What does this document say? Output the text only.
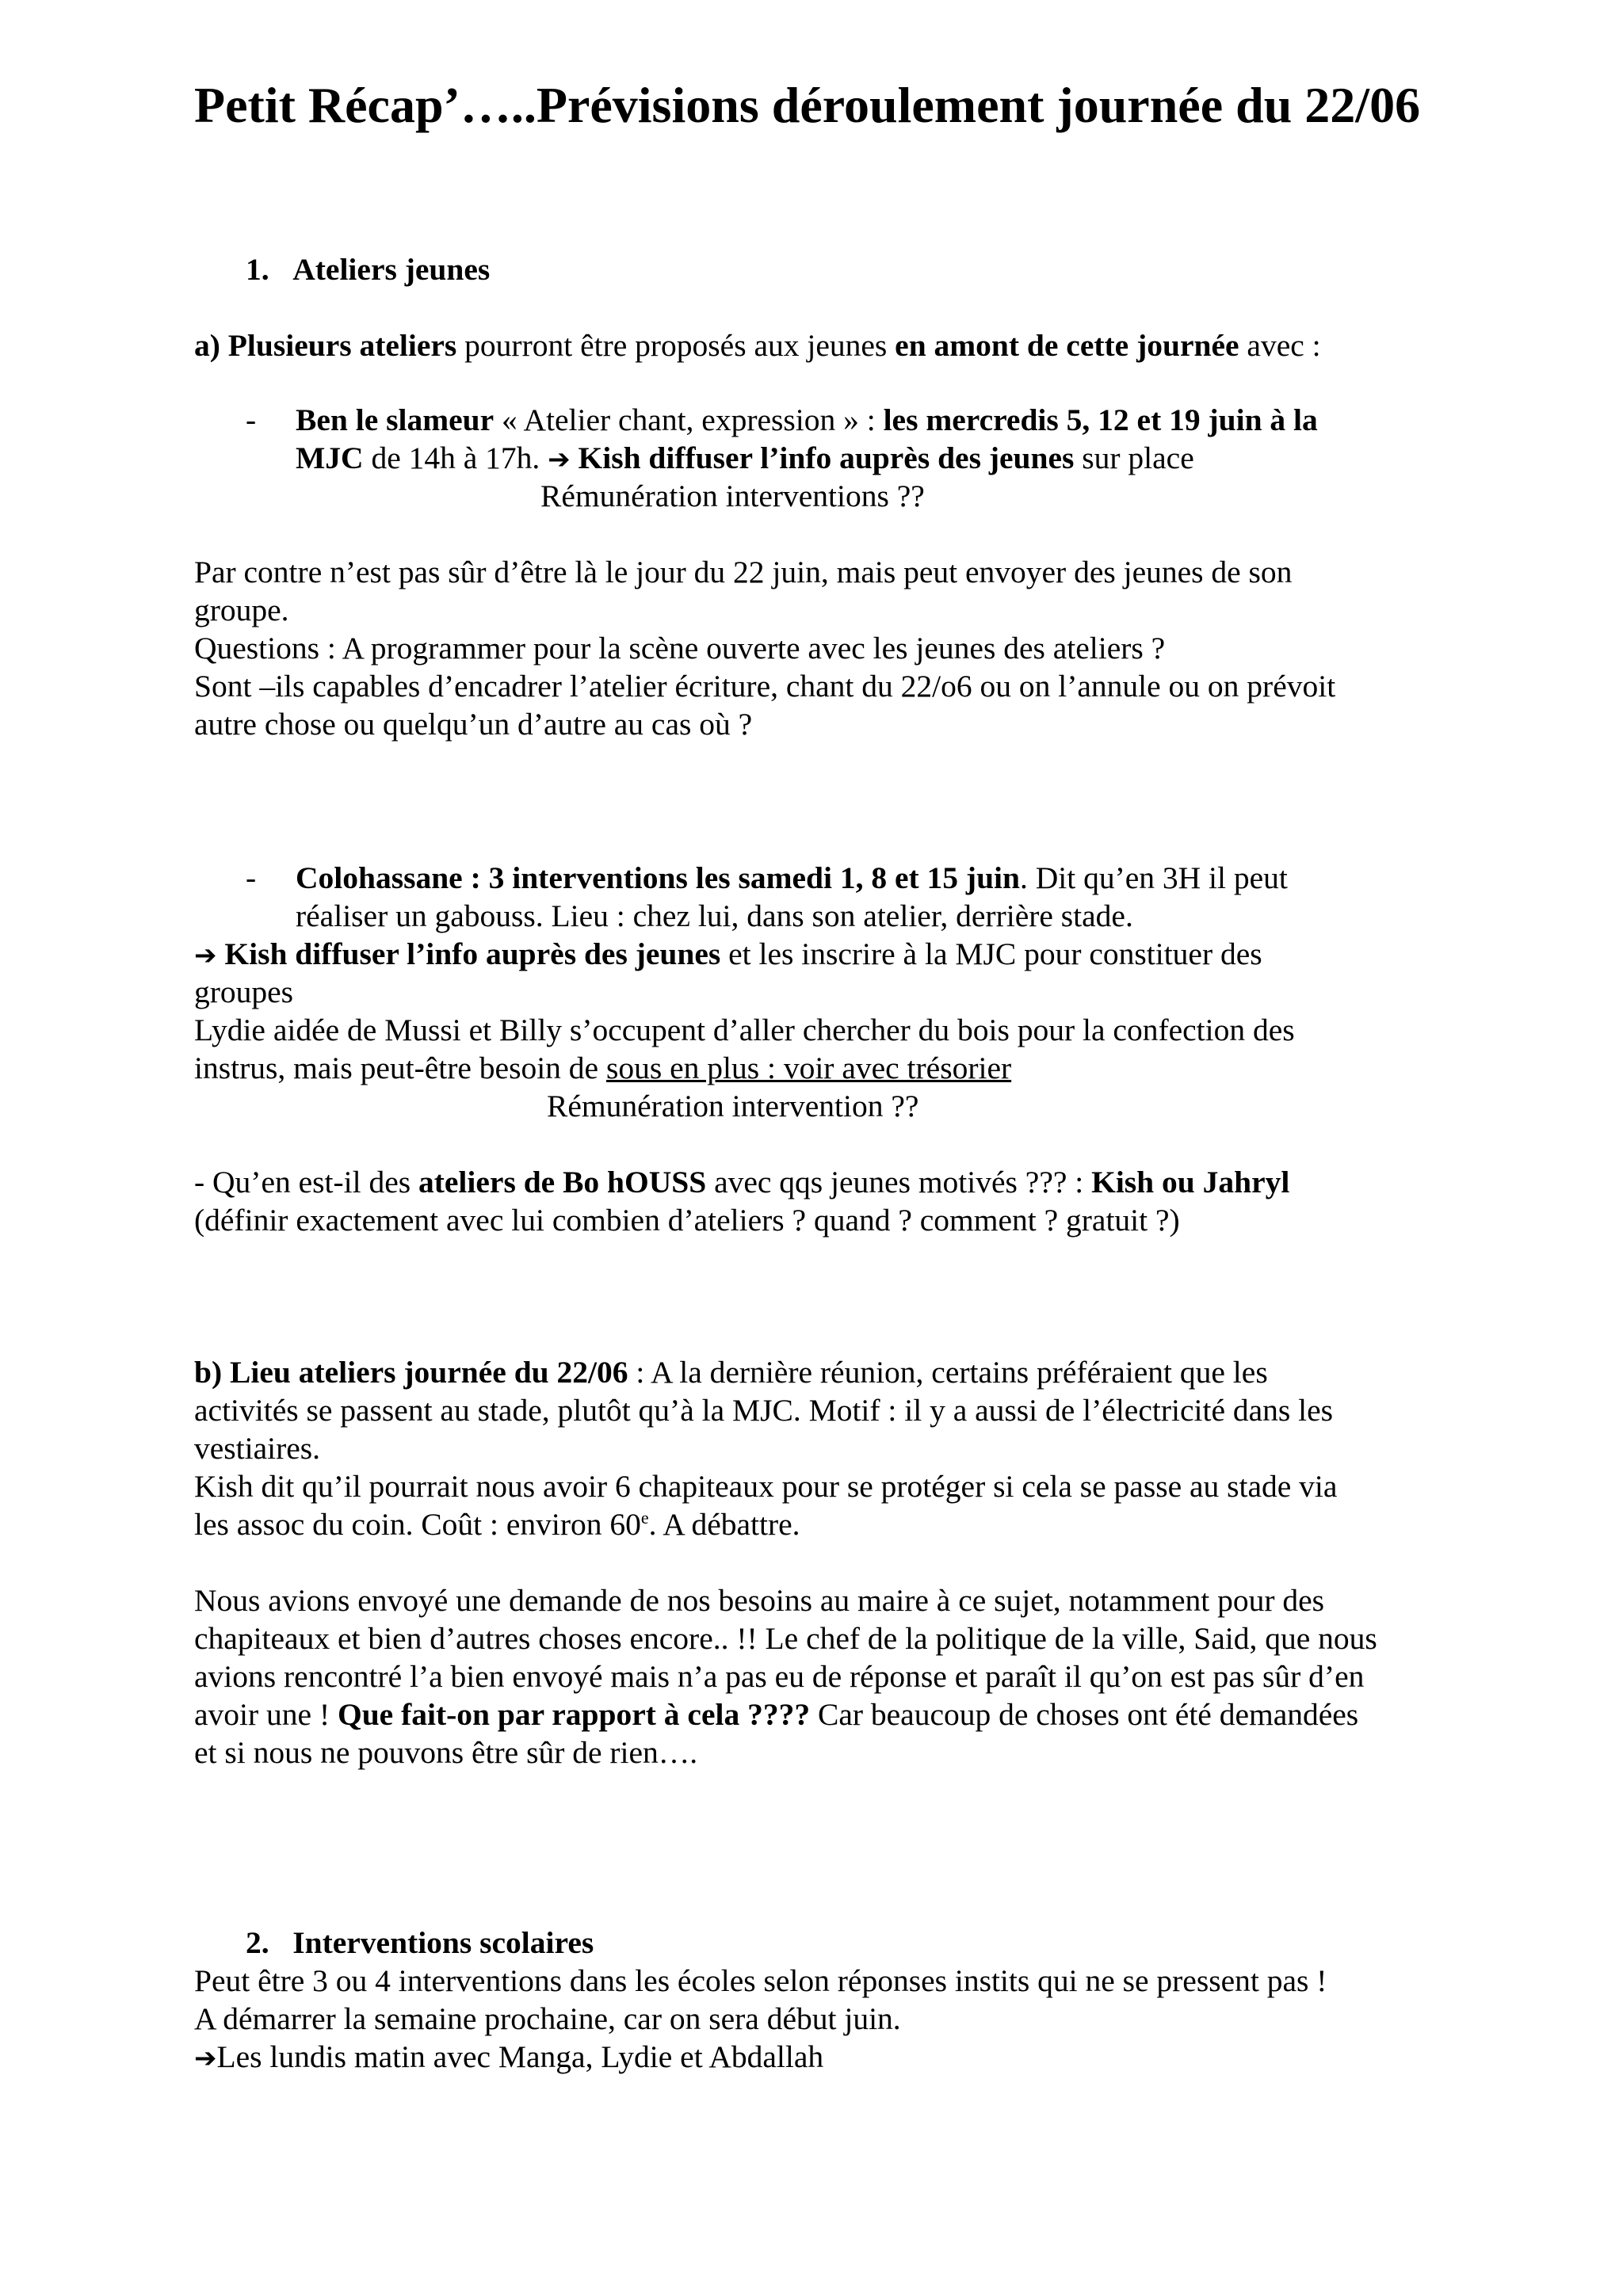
Petit Récap’…..Prévisions déroulement journée du 22/06
1. Ateliers jeunes
a) Plusieurs ateliers pourront être proposés aux jeunes en amont de cette journée avec :
- Ben le slameur « Atelier chant, expression » : les mercredis 5, 12 et 19 juin à la
MJC de 14h à 17h. ➔ Kish diffuser l’info auprès des jeunes sur place
Rémunération interventions ??
Par contre n’est pas sûr d’être là le jour du 22 juin, mais peut envoyer des jeunes de son
groupe.
Questions : A programmer pour la scène ouverte avec les jeunes des ateliers ?
Sont –ils capables d’encadrer l’atelier écriture, chant du 22/o6 ou on l’annule ou on prévoit
autre chose ou quelqu’un d’autre au cas où ?
- Colohassane : 3 interventions les samedi 1, 8 et 15 juin. Dit qu’en 3H il peut
réaliser un gabouss. Lieu : chez lui, dans son atelier, derrière stade.
➔ Kish diffuser l’info auprès des jeunes et les inscrire à la MJC pour constituer des
groupes
Lydie aidée de Mussi et Billy s’occupent d’aller chercher du bois pour la confection des
instrus, mais peut-être besoin de sous en plus : voir avec trésorier
Rémunération intervention ??
- Qu’en est-il des ateliers de Bo hOUSS avec qqs jeunes motivés ??? : Kish ou Jahryl
(définir exactement avec lui combien d’ateliers ? quand ? comment ? gratuit ?)
b) Lieu ateliers journée du 22/06 : A la dernière réunion, certains préféraient que les
activités se passent au stade, plutôt qu’à la MJC. Motif : il y a aussi de l’électricité dans les
vestiaires.
Kish dit qu’il pourrait nous avoir 6 chapiteaux pour se protéger si cela se passe au stade via
les assoc du coin. Coût : environ 60e. A débattre.
Nous avions envoyé une demande de nos besoins au maire à ce sujet, notamment pour des
chapiteaux et bien d’autres choses encore.. !! Le chef de la politique de la ville, Said, que nous
avions rencontré l’a bien envoyé mais n’a pas eu de réponse et paraît il qu’on est pas sûr d’en
avoir une ! Que fait-on par rapport à cela ???? Car beaucoup de choses ont été demandées
et si nous ne pouvons être sûr de rien….
2. Interventions scolaires
Peut être 3 ou 4 interventions dans les écoles selon réponses instits qui ne se pressent pas !
A démarrer la semaine prochaine, car on sera début juin.
➔Les lundis matin avec Manga, Lydie et Abdallah
